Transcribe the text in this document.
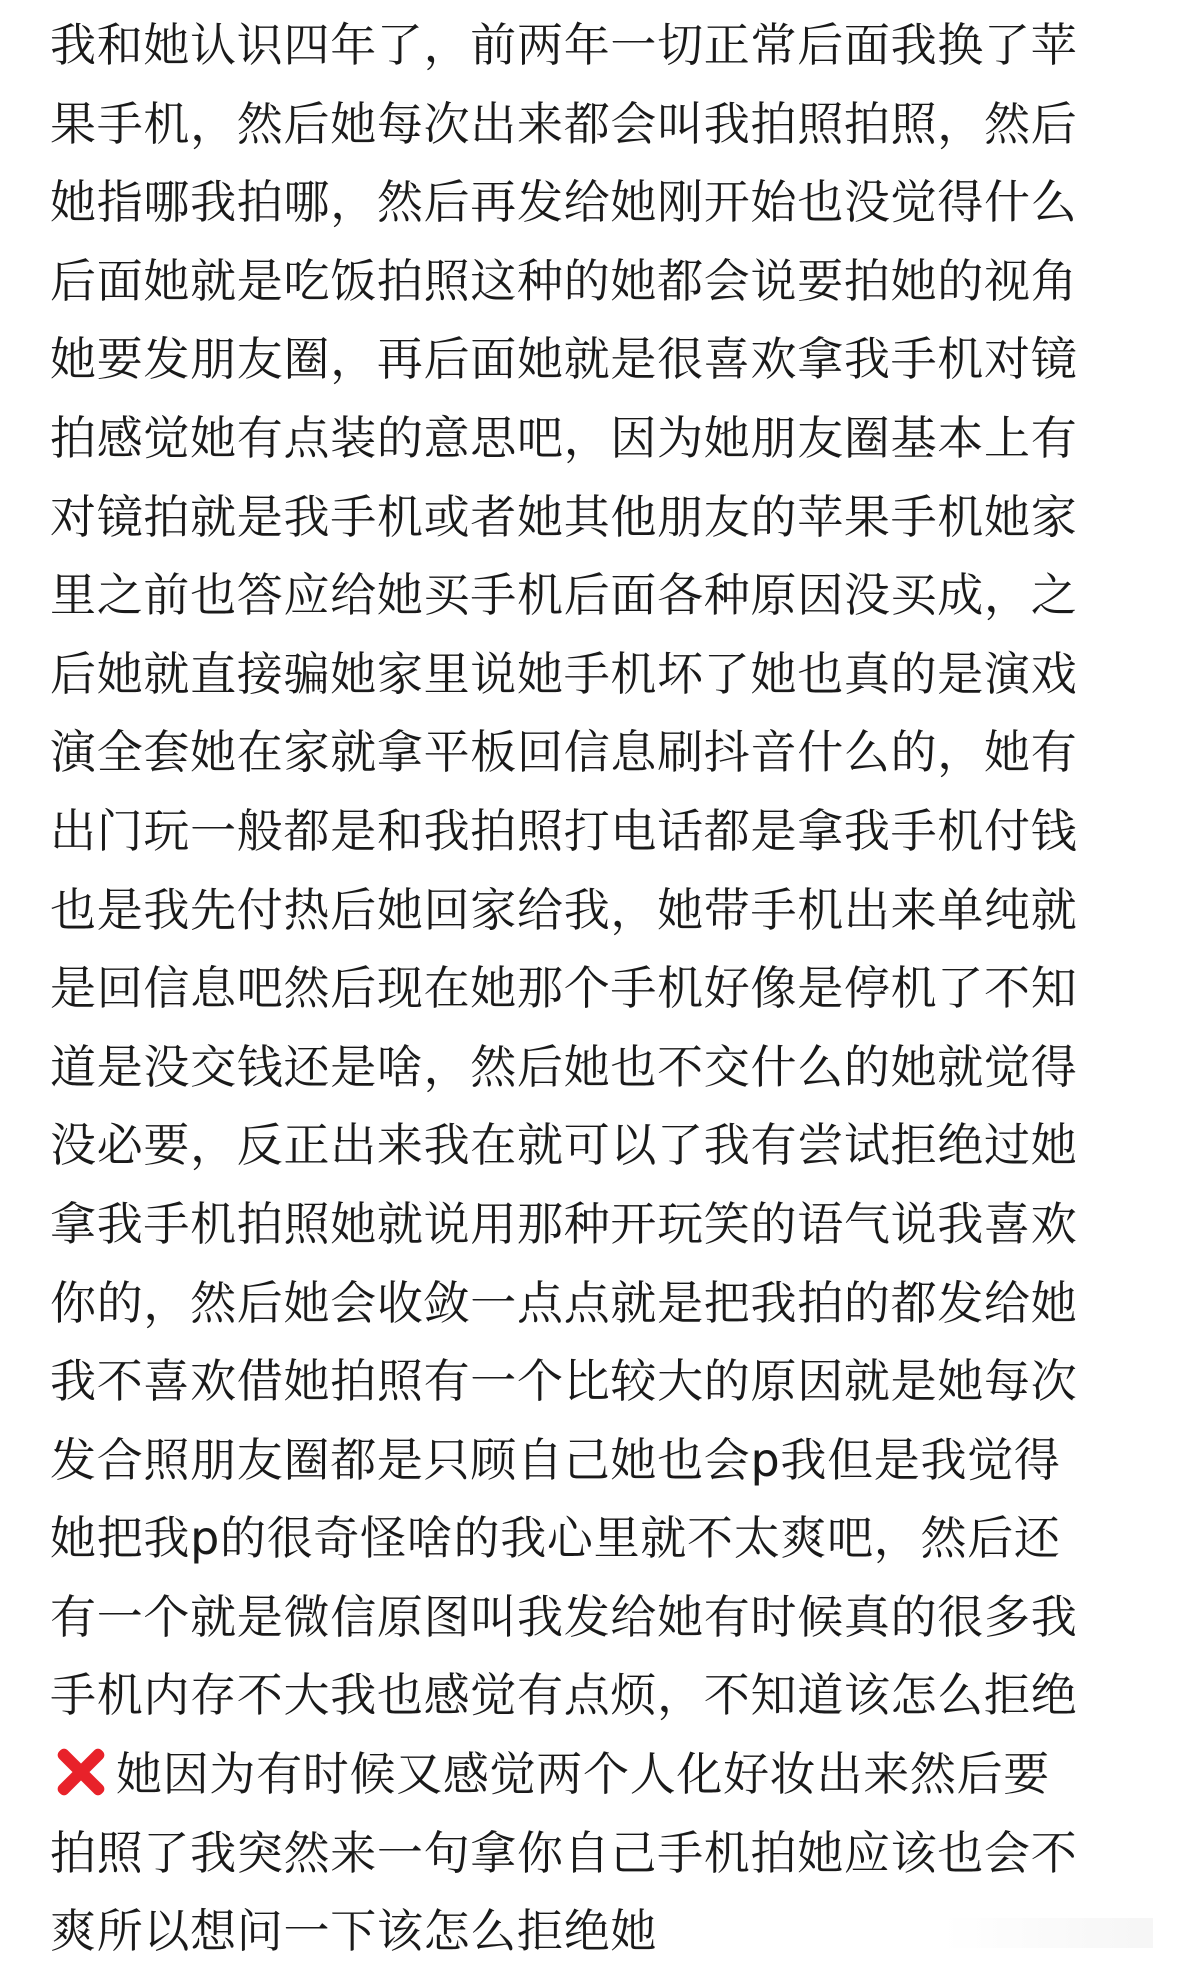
我和她认识四年了，前两年一切正常后面我换了苹
果手机，然后她每次出来都会叫我拍照拍照，然后
她指哪我拍哪，然后再发给她刚开始也没觉得什么
后面她就是吃饭拍照这种的她都会说要拍她的视角
她要发朋友圈，再后面她就是很喜欢拿我手机对镜
拍感觉她有点装的意思吧，因为她朋友圈基本上有
对镜拍就是我手机或者她其他朋友的苹果手机她家
里之前也答应给她买手机后面各种原因没买成，之
后她就直接骗她家里说她手机坏了她也真的是演戏
演全套她在家就拿平板回信息刷抖音什么的，她有
出门玩一般都是和我拍照打电话都是拿我手机付钱
也是我先付热后她回家给我，她带手机出来单纯就
是回信息吧然后现在她那个手机好像是停机了不知
道是没交钱还是啥，然后她也不交什么的她就觉得
没必要，反正出来我在就可以了我有尝试拒绝过她
拿我手机拍照她就说用那种开玩笑的语气说我喜欢
你的，然后她会收敛一点点就是把我拍的都发给她
我不喜欢借她拍照有一个比较大的原因就是她每次
发合照朋友圈都是只顾自己她也会p我但是我觉得
她把我p的很奇怪啥的我心里就不太爽吧，然后还
有一个就是微信原图叫我发给她有时候真的很多我
手机内存不大我也感觉有点烦，不知道该怎么拒绝
她因为有时候又感觉两个人化好妆出来然后要
拍照了我突然来一句拿你自己手机拍她应该也会不
爽所以想问一下该怎么拒绝她
